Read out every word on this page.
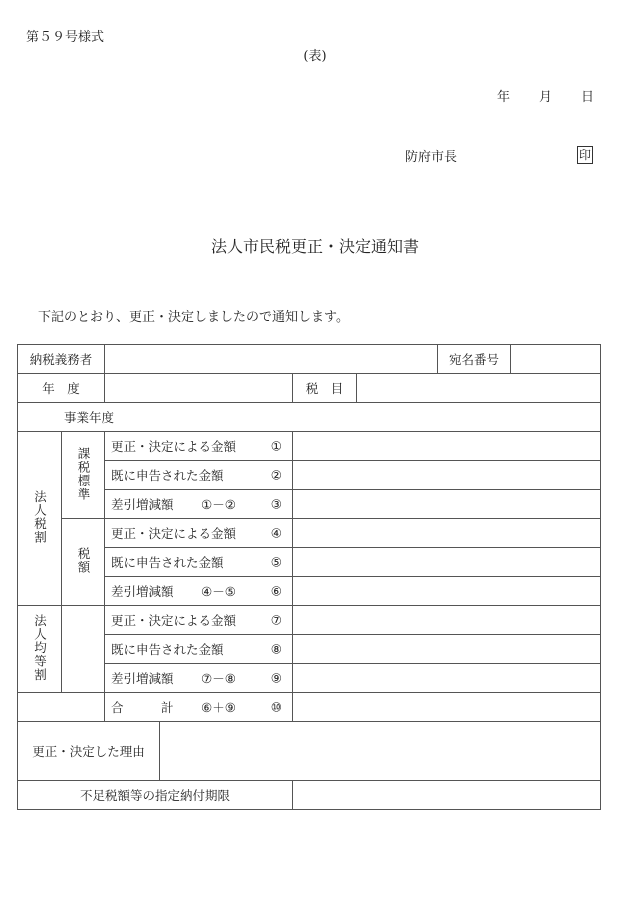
第５９号様式
(表)
年 月 日
防府市長	印
法人市民税更正・決定通知書
下記のとおり、更正・決定しましたので通知します。
納税義務者						宛名番号	
年　度				税　目			
事業年度							
法人税割	課税標準	更正・決定による金額 ①					

		既に申告された金額 ②					

		差引増減額 ①－② ③					

	税額	更正・決定による金額 ④					

		既に申告された金額 ⑤					

		差引増減額 ④－⑤ ⑥					

法人均等割		更正・決定による金額 ⑦					

		既に申告された金額 ⑧					

		差引増減額 ⑦－⑧ ⑨					

		合　　　計 ⑥＋⑨ ⑩					

更正・決定した理由							
不足税額等の指定納付期限							
